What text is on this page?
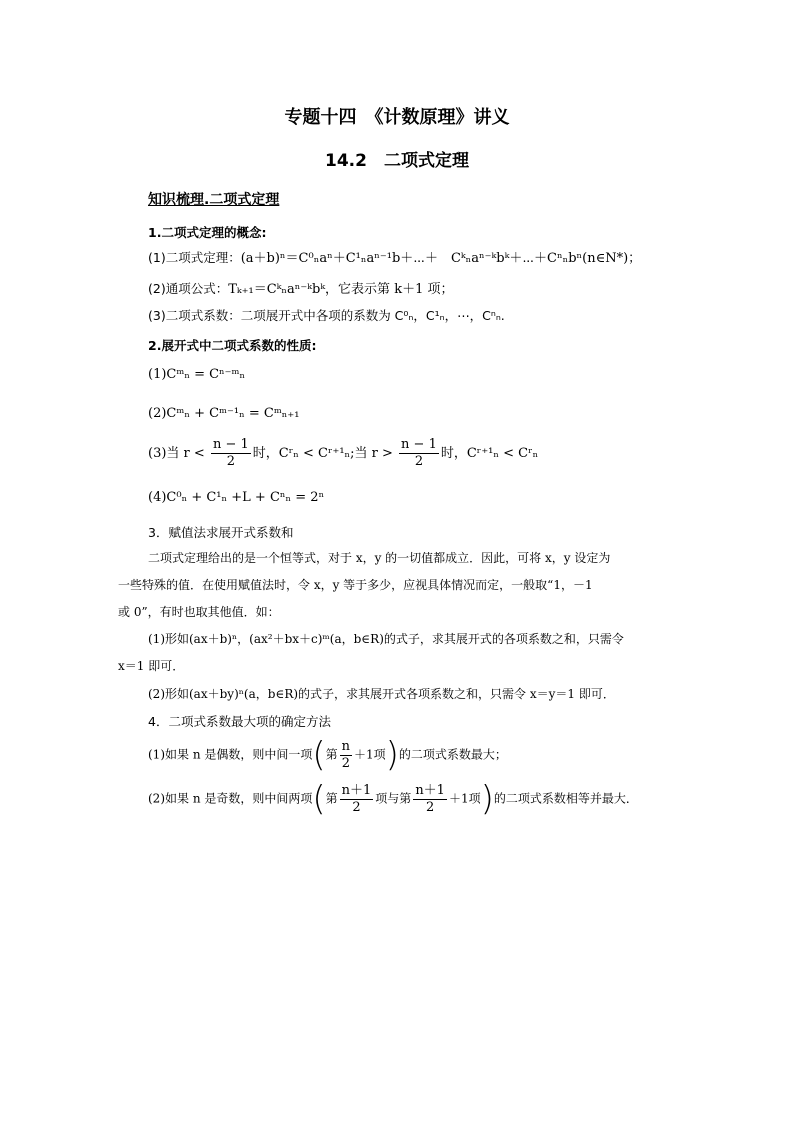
专题十四　《计数原理》讲义
14.2　二项式定理
知识梳理.二项式定理
1.二项式定理的概念:
(1)二项式定理：(a＋b)ⁿ＝C⁰ₙaⁿ＋C¹ₙaⁿ⁻¹b＋⋯＋　Cᵏₙaⁿ⁻ᵏbᵏ＋⋯＋Cⁿₙbⁿ(n∈N*)；
(2)通项公式：Tₖ₊₁＝Cᵏₙaⁿ⁻ᵏbᵏ，它表示第 k＋1 项；
(3)二项式系数：二项展开式中各项的系数为 C⁰ₙ，C¹ₙ，⋯，Cⁿₙ.
2.展开式中二项式系数的性质:
(1)Cᵐₙ = Cⁿ⁻ᵐₙ
(2)Cᵐₙ + Cᵐ⁻¹ₙ = Cᵐₙ₊₁
(3)当 $r < \frac{n - 1}{2}$ 时，Cʳₙ < Cʳ⁺¹ₙ;当 $r > \frac{n - 1}{2}$ 时，Cʳ⁺¹ₙ < Cʳₙ
(4)C⁰ₙ + C¹ₙ +L + Cⁿₙ = 2ⁿ
3．赋值法求展开式系数和
二项式定理给出的是一个恒等式，对于 x，y 的一切值都成立．因此，可将 x，y 设定为
一些特殊的值．在使用赋值法时，令 x，y 等于多少，应视具体情况而定，一般取“1，－1
或 0”，有时也取其他值．如：
(1)形如(ax＋b)ⁿ，(ax²＋bx＋c)ᵐ(a，b∈R)的式子，求其展开式的各项系数之和，只需令
x＝1 即可．
(2)形如(ax＋by)ⁿ(a，b∈R)的式子，求其展开式各项系数之和，只需令 x＝y＝1 即可．
4．二项式系数最大项的确定方法
(1)如果 n 是偶数，则中间一项(第 $\frac{n}{2} +1$项)的二项式系数最大；
(2)如果 n 是奇数，则中间两项(第 $\frac{n+1}{2}$ 项与第 $\frac{n+1}{2} +1$项)的二项式系数相等并最大．
